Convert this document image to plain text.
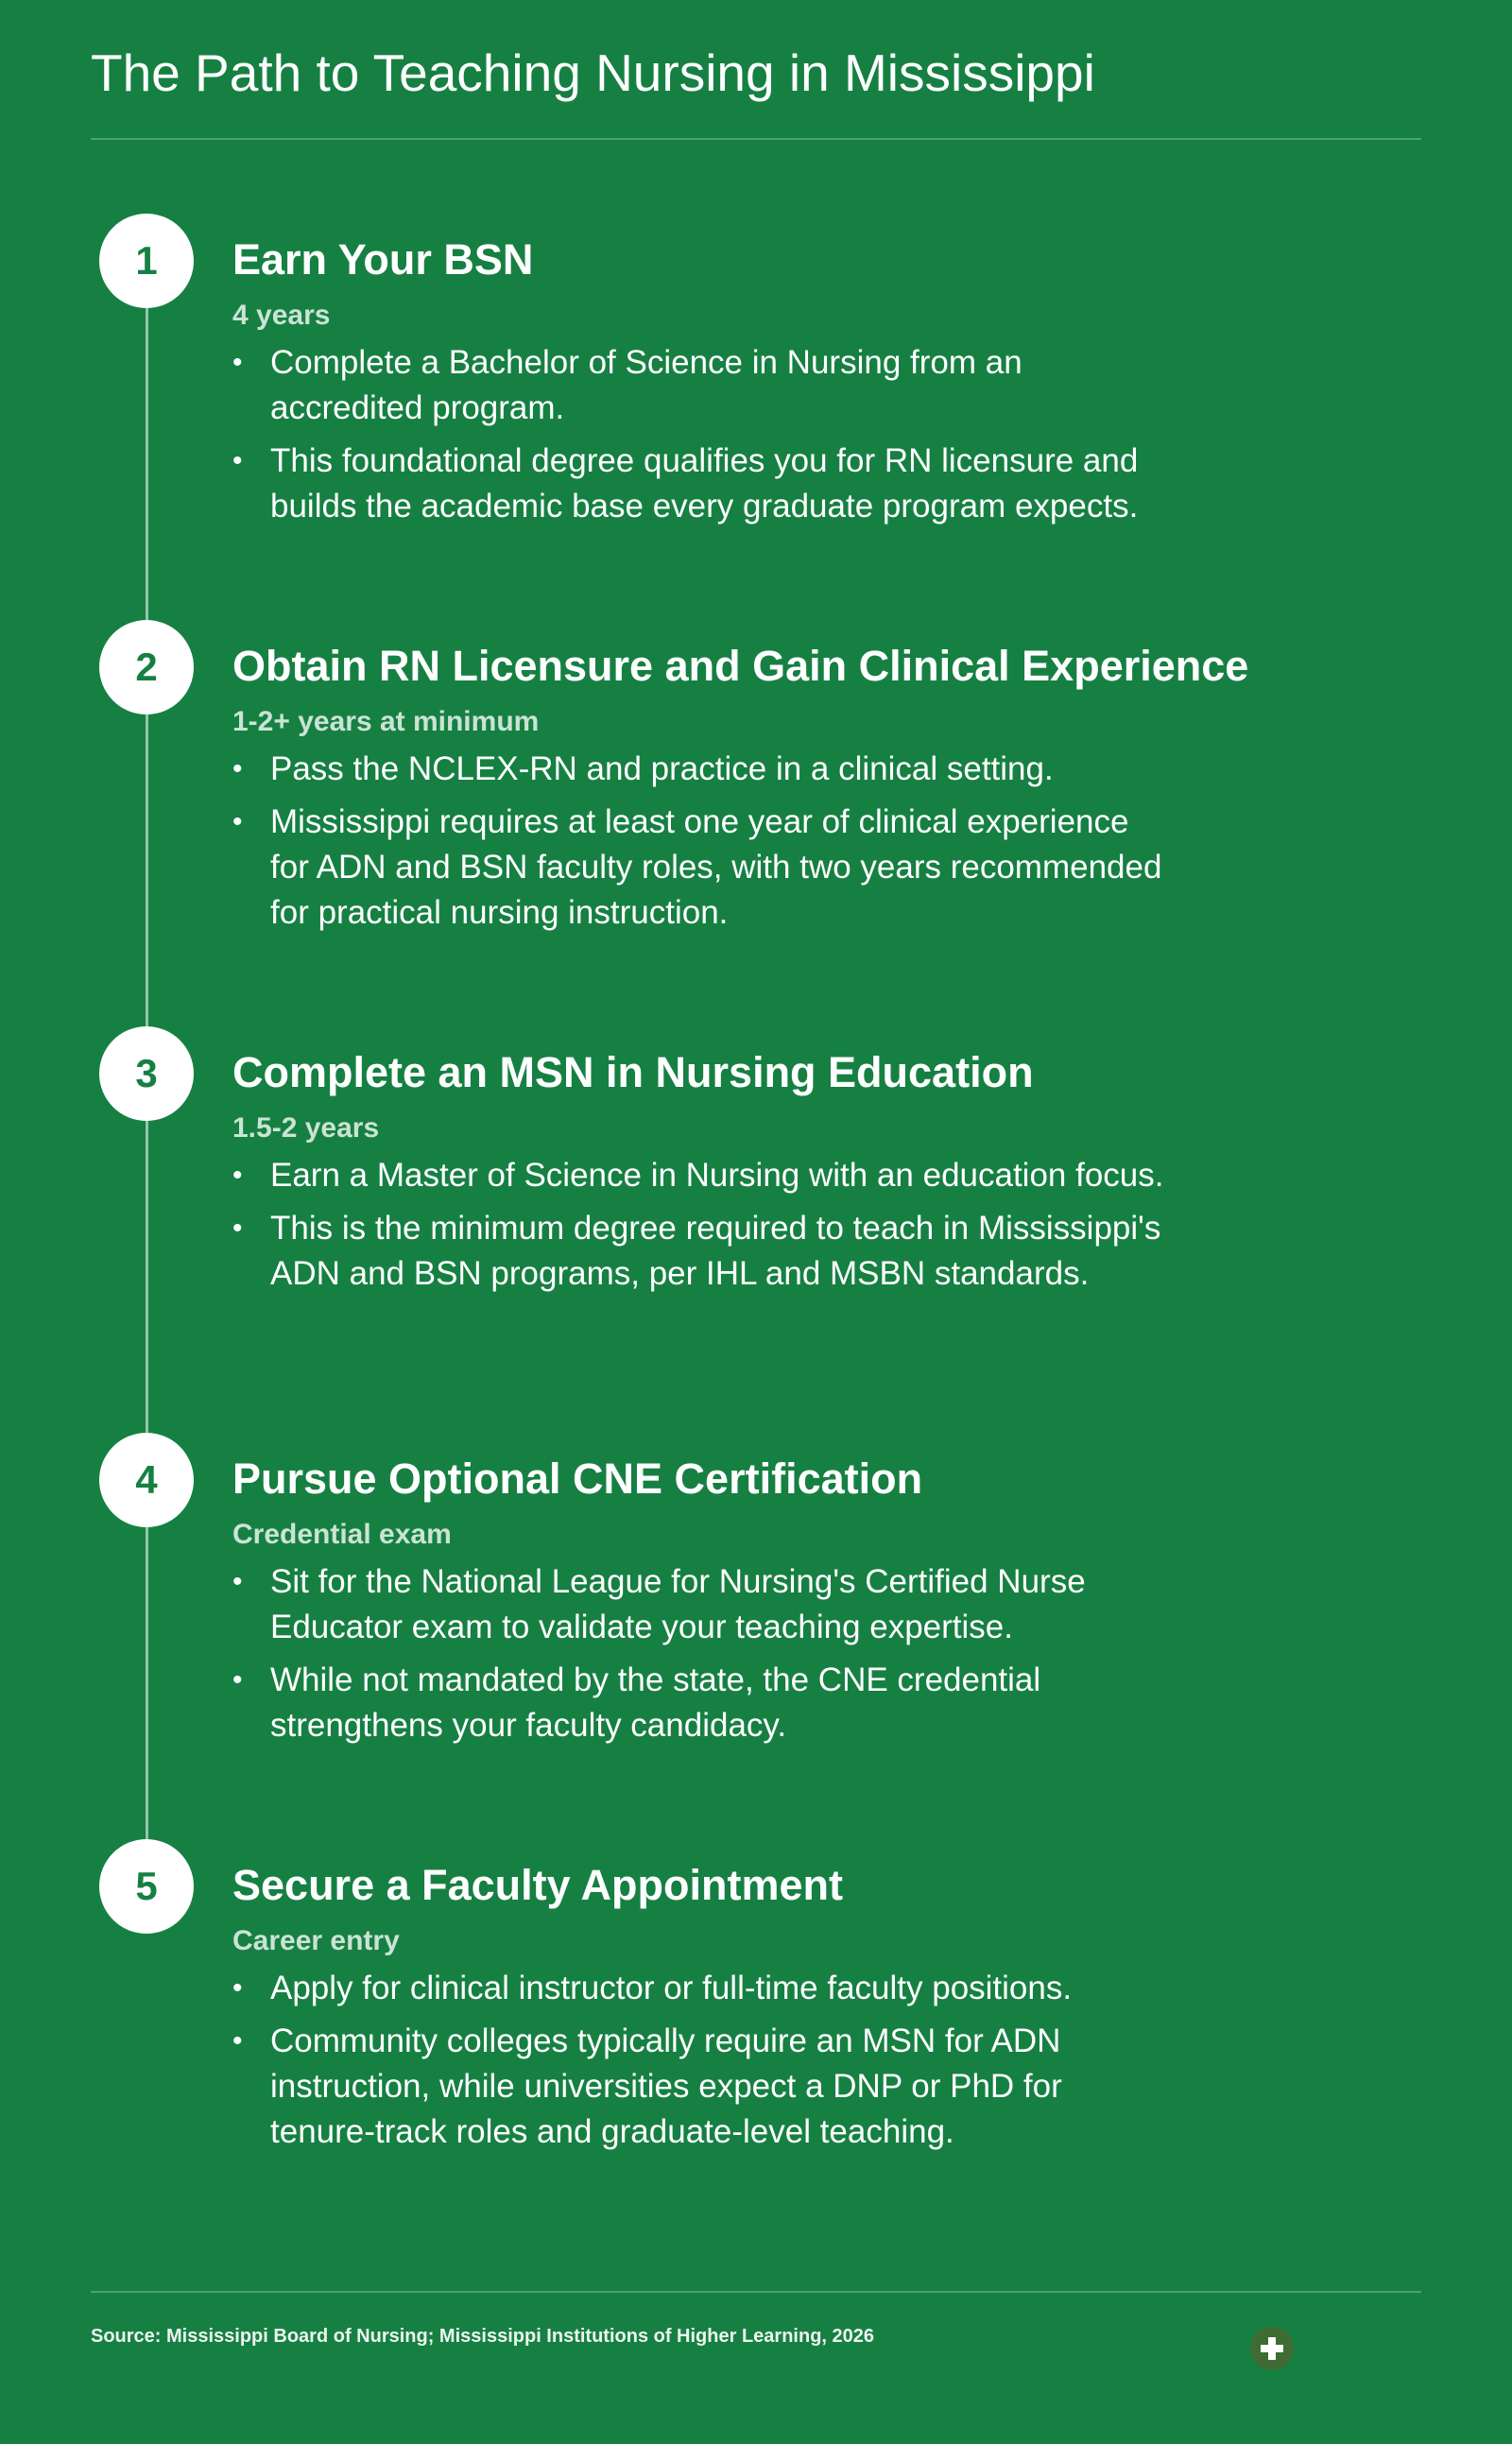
The Path to Teaching Nursing in Mississippi
1	Earn Your BSN
4 years
• Complete a Bachelor of Science in Nursing from an accredited program.
• This foundational degree qualifies you for RN licensure and builds the academic base every graduate program expects.
2	Obtain RN Licensure and Gain Clinical Experience
1-2+ years at minimum
• Pass the NCLEX-RN and practice in a clinical setting.
• Mississippi requires at least one year of clinical experience for ADN and BSN faculty roles, with two years recommended for practical nursing instruction.
3	Complete an MSN in Nursing Education
1.5-2 years
• Earn a Master of Science in Nursing with an education focus.
• This is the minimum degree required to teach in Mississippi's ADN and BSN programs, per IHL and MSBN standards.
4	Pursue Optional CNE Certification
Credential exam
• Sit for the National League for Nursing's Certified Nurse Educator exam to validate your teaching expertise.
• While not mandated by the state, the CNE credential strengthens your faculty candidacy.
5	Secure a Faculty Appointment
Career entry
• Apply for clinical instructor or full-time faculty positions.
• Community colleges typically require an MSN for ADN instruction, while universities expect a DNP or PhD for tenure-track roles and graduate-level teaching.
Source: Mississippi Board of Nursing; Mississippi Institutions of Higher Learning, 2026
